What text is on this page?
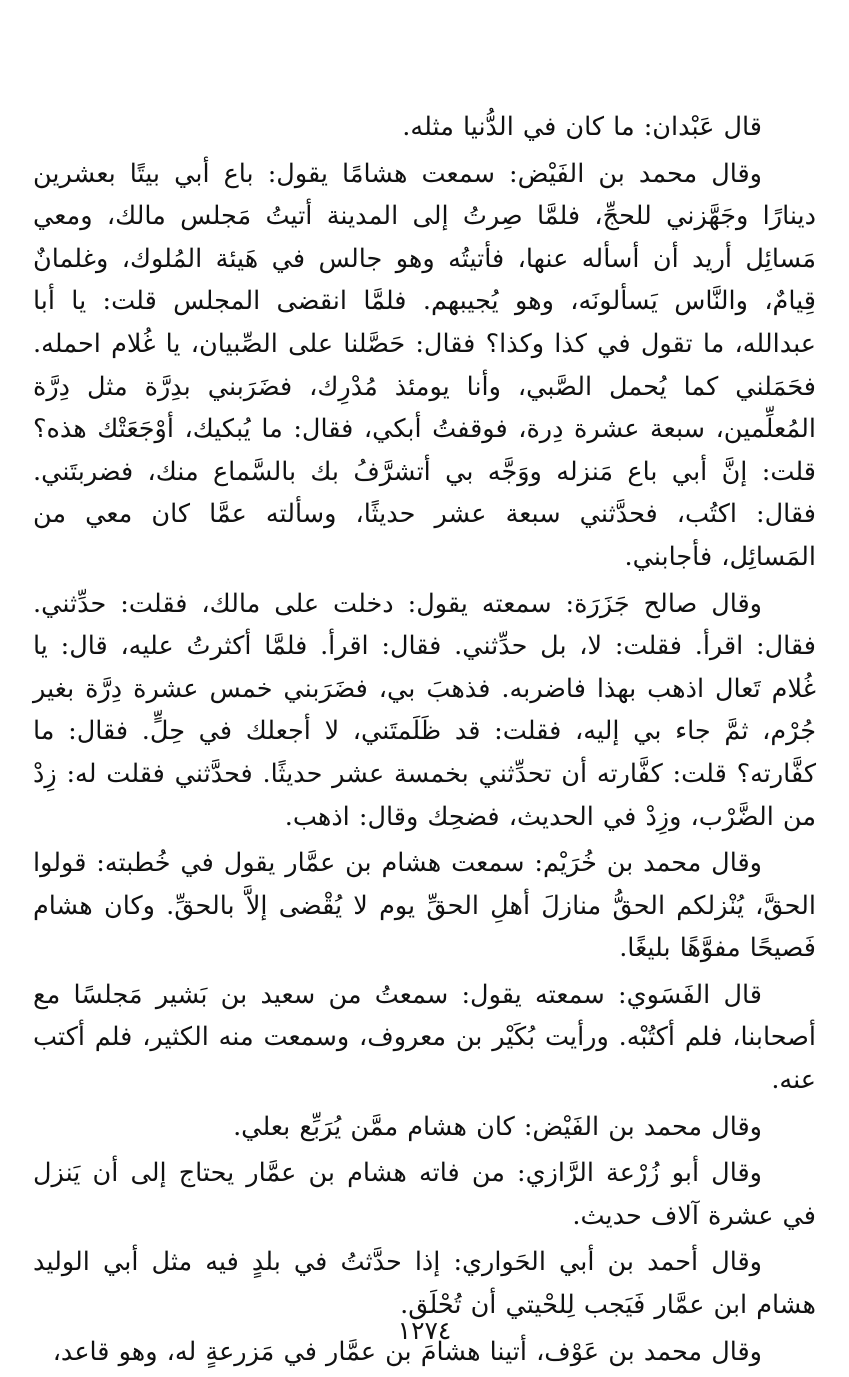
قال عَبْدان: ما كان في الدُّنيا مثله.

وقال محمد بن الفَيْض: سمعت هشامًا يقول: باع أبي بيتًا بعشرين دينارًا وجَهَّزني للحجِّ، فلمَّا صِرتُ إلى المدينة أتيتُ مَجلس مالك، ومعي مَسائِل أريد أن أسأله عنها، فأتيتُه وهو جالس في هَيئة المُلوك، وغلمانٌ قِيامٌ، والنَّاس يَسألونَه، وهو يُجيبهم. فلمَّا انقضى المجلس قلت: يا أبا عبدالله، ما تقول في كذا وكذا؟ فقال: حَصَّلنا على الصِّبيان، يا غُلام احمله. فحَمَلني كما يُحمل الصَّبي، وأنا يومئذ مُدْرِك، فضَرَبني بدِرَّة مثل دِرَّة المُعلِّمين، سبعة عشرة دِرة، فوقفتُ أبكي، فقال: ما يُبكيك، أوْجَعَتْك هذه؟ قلت: إنَّ أبي باع مَنزله ووَجَّه بي أتشرَّفُ بك بالسَّماع منك، فضربتَني. فقال: اكتُب، فحدَّثني سبعة عشر حديثًا، وسألته عمَّا كان معي من المَسائِل، فأجابني.

وقال صالح جَزَرَة: سمعته يقول: دخلت على مالك، فقلت: حدِّثني. فقال: اقرأ. فقلت: لا، بل حدِّثني. فقال: اقرأ. فلمَّا أكثرتُ عليه، قال: يا غُلام تَعال اذهب بهذا فاضربه. فذهبَ بي، فضَرَبني خمس عشرة دِرَّة بغير جُرْم، ثمَّ جاء بي إليه، فقلت: قد ظَلَمتَني، لا أجعلك في حِلٍّ. فقال: ما كفَّارته؟ قلت: كفَّارته أن تحدِّثني بخمسة عشر حديثًا. فحدَّثني فقلت له: زِدْ من الضَّرْب، وزِدْ في الحديث، فضحِك وقال: اذهب.

وقال محمد بن خُرَيْم: سمعت هشام بن عمَّار يقول في خُطبته: قولوا الحقَّ، يُنْزلكم الحقُّ منازلَ أهلِ الحقِّ يوم لا يُقْضى إلاَّ بالحقِّ. وكان هشام فَصيحًا مفوَّهًا بليغًا.

قال الفَسَوي: سمعته يقول: سمعتُ من سعيد بن بَشير مَجلسًا مع أصحابنا، فلم أكتُبْه. ورأيت بُكَيْر بن معروف، وسمعت منه الكثير، فلم أكتب عنه.

وقال محمد بن الفَيْض: كان هشام ممَّن يُرَبِّع بعلي.

وقال أبو زُرْعة الرَّازي: من فاته هشام بن عمَّار يحتاج إلى أن يَنزل في عشرة آلاف حديث.

وقال أحمد بن أبي الحَواري: إذا حدَّثتُ في بلدٍ فيه مثل أبي الوليد هشام ابن عمَّار فَيَجب لِلحْيتي أن تُحْلَق.

وقال محمد بن عَوْف، أتينا هشامَ بن عمَّار في مَزرعةٍ له، وهو قاعد،

١٢٧٤
